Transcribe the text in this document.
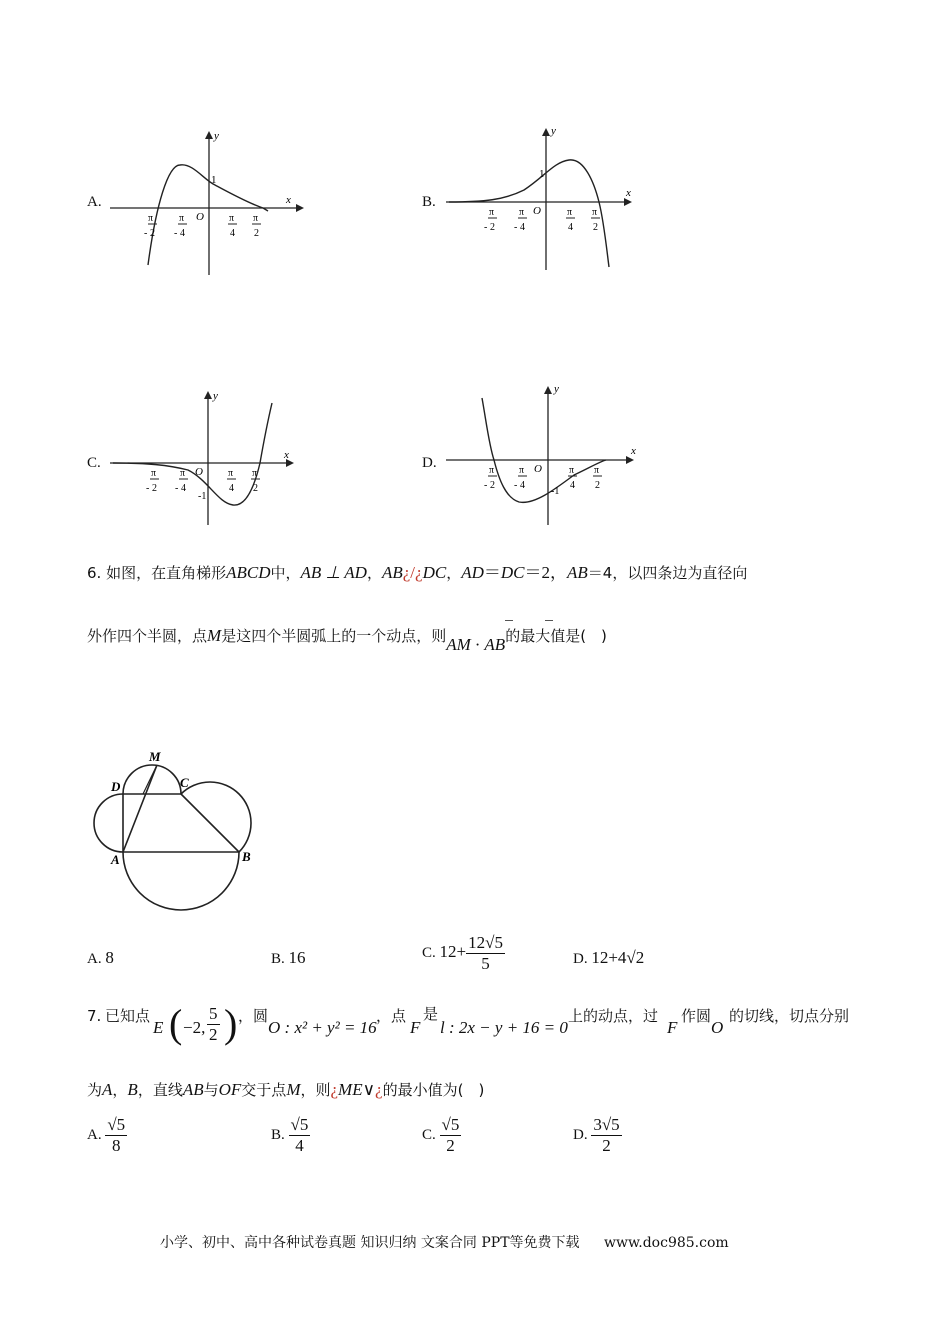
A.	B.
C.	D.
x
y
O
1
π
- 2
π
- 4
π
4
π
2
x
y
O
1
π
- 2
π
- 4
π
4
π
2
x
y
O
-1
π
- 2
π
- 4
π
4
π
2
x
y
O
-1
π
- 2
π
- 4
π
4
π
2
6. 如图，在直角梯形ABCD中，AB ⊥ AD，AB¿/¿DC，AD＝DC＝2，AB＝4，以四条边为直径向
外作四个半圆，点M是这四个半圆弧上的一个动点，则AM · AB的最大值是(　)
M
D	C
A	B
A. 8	B. 16	C. $12+ \frac{12√5}{5}$	D. 12+4√2
7. 已知点
E ( −2, $\frac{5}{2}$ ) ，圆
O : x² + y² = 16
，点
F
是
l : 2x − y + 16 = 0
上的动点，过
F
作圆
O
的切线，切点分别
为A，B，直线AB与OF交于点M，则¿ME∨¿的最小值为(　)
A. $\frac{√5}{8}$	B. $\frac{√5}{4}$	C. $\frac{√5}{2}$	D. $\frac{3√5}{2}$
小学、初中、高中各种试卷真题 知识归纳 文案合同 PPT等免费下载 www.doc985.com
